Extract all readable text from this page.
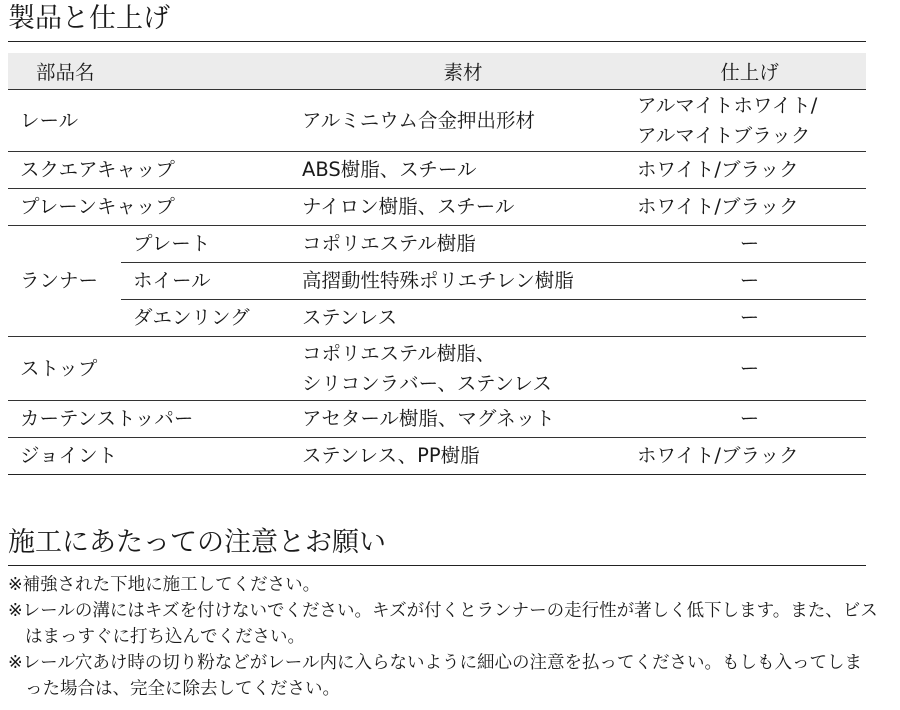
製品と仕上げ
部品名		素材	仕上げ
レール		アルミニウム合金押出形材	アルマイトホワイト/
アルマイトブラック

スクエアキャップ		ABS樹脂、スチール	ホワイト/ブラック
プレーンキャップ		ナイロン樹脂、スチール	ホワイト/ブラック
ランナー	プレート	コポリエステル樹脂	ー
	ホイール	高摺動性特殊ポリエチレン樹脂	ー
	ダエンリング	ステンレス	ー
ストップ		コポリエステル樹脂、
シリコンラバー、ステンレス	ー
カーテンストッパー		アセタール樹脂、マグネット	ー
ジョイント		ステンレス、PP樹脂	ホワイト/ブラック
施工にあたっての注意とお願い
※補強された下地に施工してください。
※レールの溝にはキズを付けないでください。キズが付くとランナーの走行性が著しく低下します。また、ビスはまっすぐに打ち込んでください。
※レール穴あけ時の切り粉などがレール内に入らないように細心の注意を払ってください。もしも入ってしまった場合は、完全に除去してください。
